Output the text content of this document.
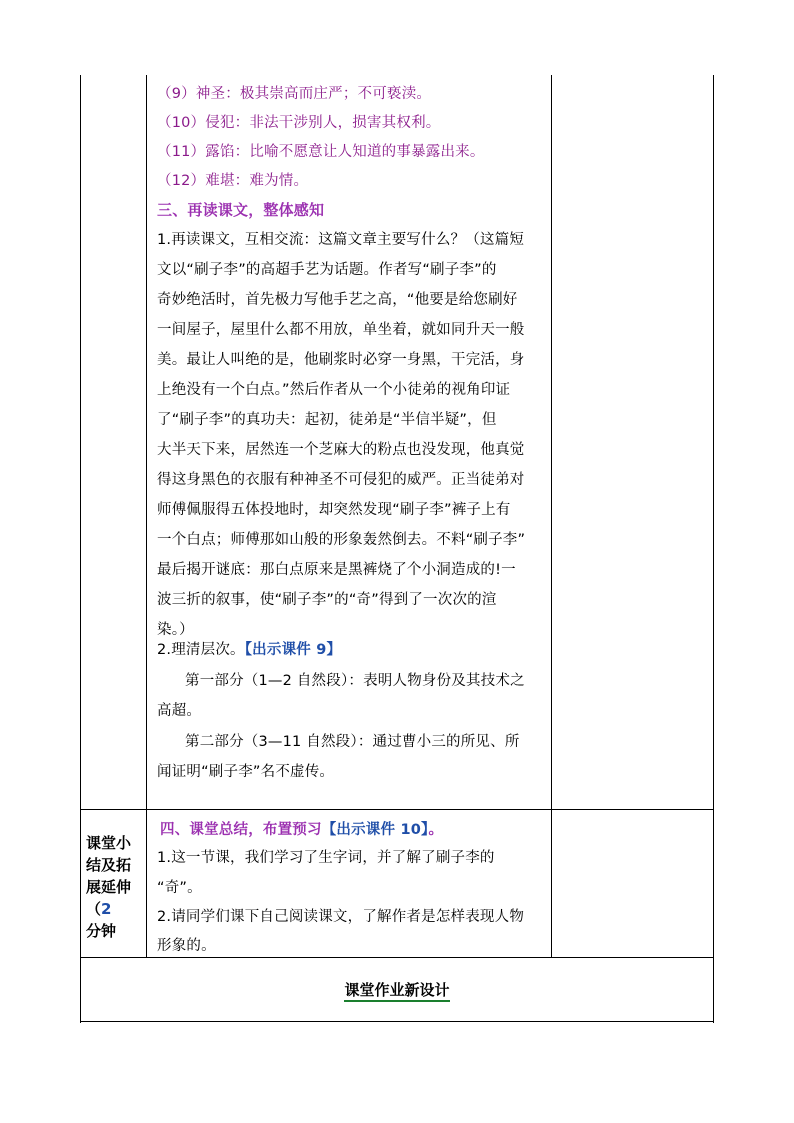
（9）神圣：极其崇高而庄严；不可亵渎。
（10）侵犯：非法干涉别人，损害其权利。
（11）露馅：比喻不愿意让人知道的事暴露出来。
（12）难堪：难为情。
三、再读课文，整体感知
1.再读课文，互相交流：这篇文章主要写什么？（这篇短
文以“刷子李”的高超手艺为话题。作者写“刷子李”的
奇妙绝活时，首先极力写他手艺之高，“他要是给您刷好
一间屋子，屋里什么都不用放，单坐着，就如同升天一般
美。最让人叫绝的是，他刷浆时必穿一身黑，干完活，身
上绝没有一个白点。”然后作者从一个小徒弟的视角印证
了“刷子李”的真功夫：起初，徒弟是“半信半疑”，但
大半天下来，居然连一个芝麻大的粉点也没发现，他真觉
得这身黑色的衣服有种神圣不可侵犯的威严。正当徒弟对
师傅佩服得五体投地时，却突然发现“刷子李”裤子上有
一个白点；师傅那如山般的形象轰然倒去。不料“刷子李”
最后揭开谜底：那白点原来是黑裤烧了个小洞造成的!一
波三折的叙事，使“刷子李”的“奇”得到了一次次的渲
染。）
2.理清层次。【出示课件 9】
第一部分（1—2 自然段）：表明人物身份及其技术之
高超。
第二部分（3—11 自然段）：通过曹小三的所见、所
闻证明“刷子李”名不虚传。
课堂小
结及拓
展延伸
（2
分钟
四、课堂总结，布置预习【出示课件 10】。
1.这一节课，我们学习了生字词，并了解了刷子李的
“奇”。
2.请同学们课下自己阅读课文，了解作者是怎样表现人物
形象的。
课堂作业新设计
